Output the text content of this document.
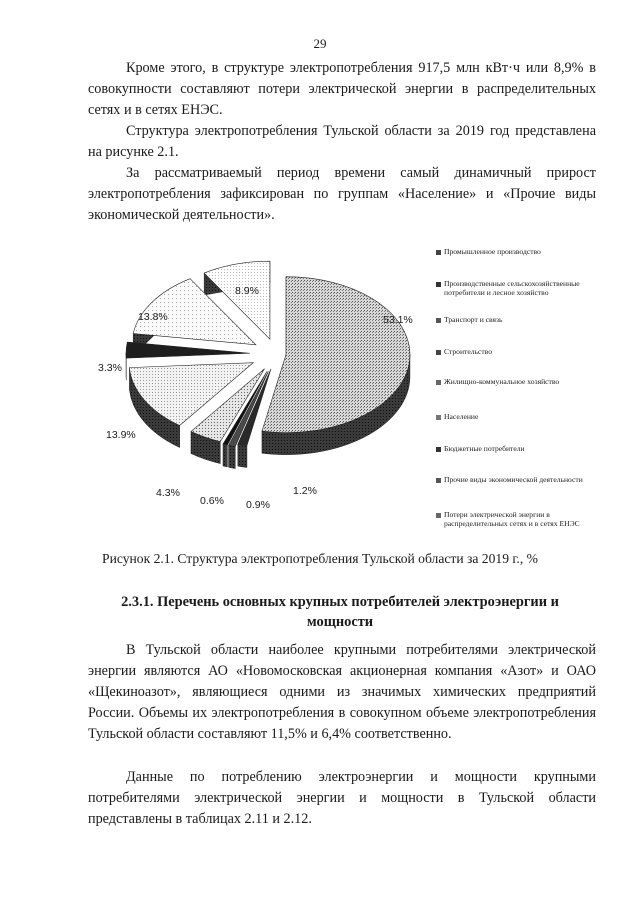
29

Кроме этого, в структуре электропотребления 917,5 млн кВт·ч или 8,9% в совокупности составляют потери электрической энергии в распределительных сетях и в сетях ЕНЭС.

Структура электропотребления Тульской области за 2019 год представлена на рисунке 2.1.

За рассматриваемый период времени самый динамичный прирост электропотребления зафиксирован по группам «Население» и «Прочие виды экономической деятельности».

53.1%
1.2%
0.9%
0.6%
4.3%
13.9%
3.3%
13.8%
8.9%
Промышленное производство
Производственные сельскохозяйственные потребители и лесное хозяйство
Транспорт и связь
Строительство
Жилищно-коммунальное хозяйство
Население
Бюджетные потребители
Прочие виды экономической деятельности
Потери электрической энергии в распределительных сетях и в сетях ЕНЭС
Рисунок 2.1. Структура электропотребления Тульской области за 2019 г., %
2.3.1. Перечень основных крупных потребителей электроэнергии и мощности

В Тульской области наиболее крупными потребителями электрической энергии являются АО «Новомосковская акционерная компания «Азот» и ОАО «Щекиноазот», являющиеся одними из значимых химических предприятий России. Объемы их электропотребления в совокупном объеме электропотребления Тульской области составляют 11,5% и 6,4% соответственно.

Данные по потреблению электроэнергии и мощности крупными потребителями электрической энергии и мощности в Тульской области представлены в таблицах 2.11 и 2.12.
